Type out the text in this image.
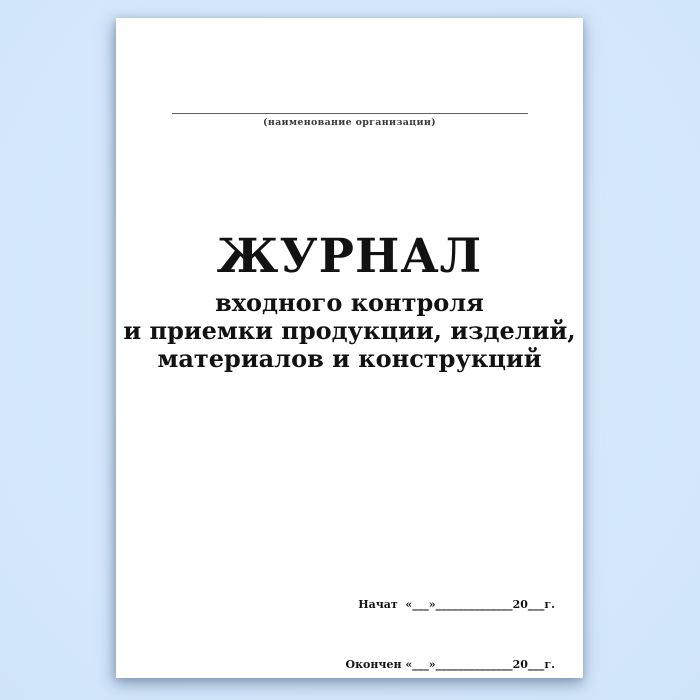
(наименование организации)
ЖУРНАЛ
входного контроля
и приемки продукции, изделий,
материалов и конструкций

Начат  «___»______________20___г.

Окончен «___»______________20___г.
